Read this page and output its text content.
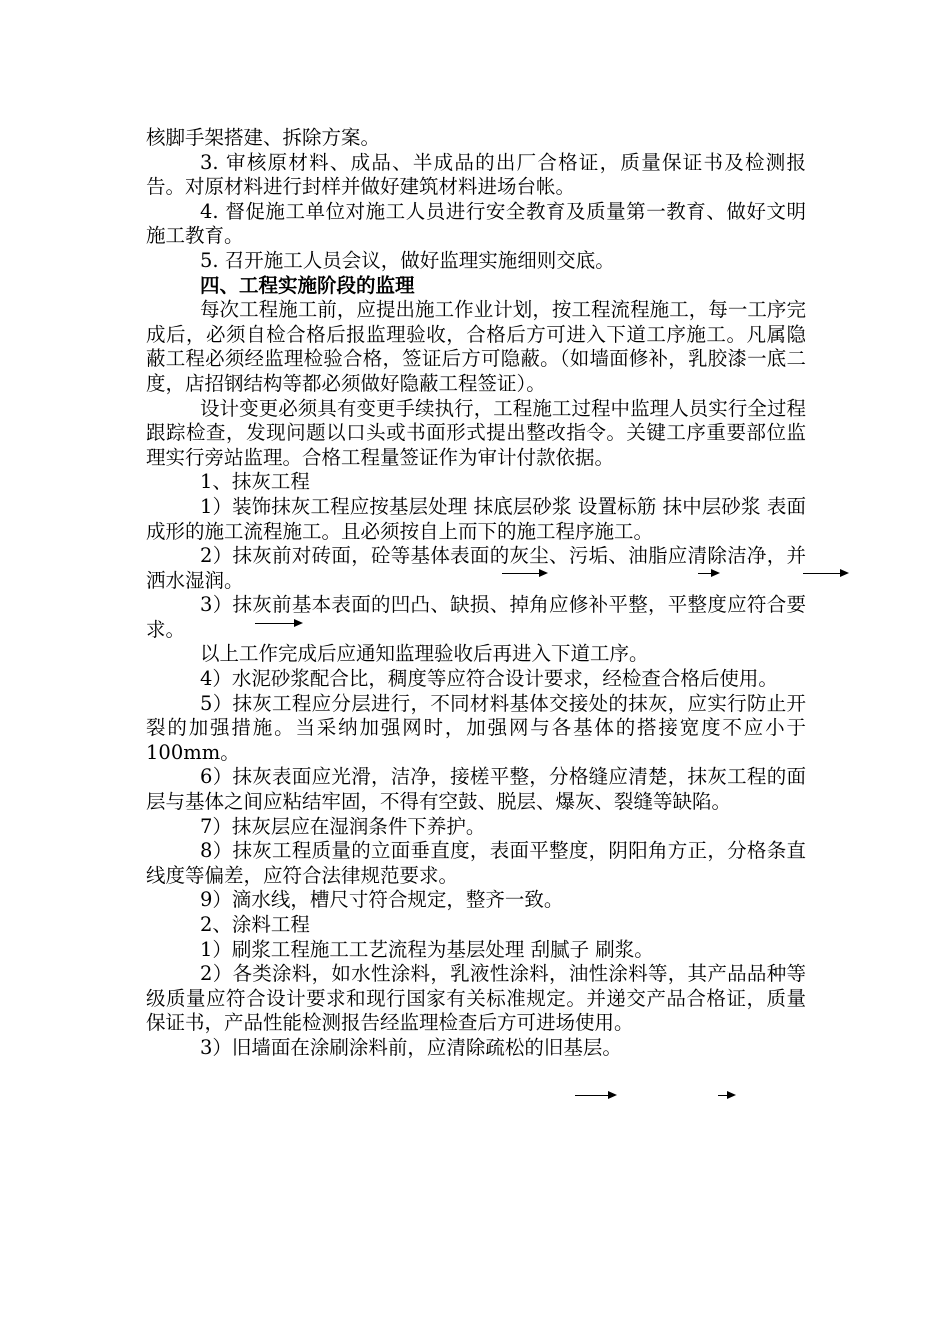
核脚手架搭建、拆除方案。

3. 审核原材料、成品、半成品的出厂合格证，质量保证书及检测报告。对原材料进行封样并做好建筑材料进场台帐。

4. 督促施工单位对施工人员进行安全教育及质量第一教育、做好文明施工教育。

5. 召开施工人员会议，做好监理实施细则交底。

四、工程实施阶段的监理

每次工程施工前，应提出施工作业计划，按工程流程施工，每一工序完成后，必须自检合格后报监理验收，合格后方可进入下道工序施工。凡属隐蔽工程必须经监理检验合格，签证后方可隐蔽。（如墙面修补，乳胶漆一底二度，店招钢结构等都必须做好隐蔽工程签证）。

设计变更必须具有变更手续执行，工程施工过程中监理人员实行全过程跟踪检查，发现问题以口头或书面形式提出整改指令。关键工序重要部位监理实行旁站监理。合格工程量签证作为审计付款依据。

1、抹灰工程

1）装饰抹灰工程应按基层处理 抹底层砂浆 设置标筋 抹中层砂浆 表面成形的施工流程施工。且必须按自上而下的施工程序施工。

2）抹灰前对砖面，砼等基体表面的灰尘、污垢、油脂应清除洁净，并洒水湿润。

3）抹灰前基本表面的凹凸、缺损、掉角应修补平整，平整度应符合要求。

以上工作完成后应通知监理验收后再进入下道工序。

4）水泥砂浆配合比，稠度等应符合设计要求，经检查合格后使用。

5）抹灰工程应分层进行，不同材料基体交接处的抹灰，应实行防止开裂的加强措施。当采纳加强网时，加强网与各基体的搭接宽度不应小于 100mm。

6）抹灰表面应光滑，洁净，接槎平整，分格缝应清楚，抹灰工程的面层与基体之间应粘结牢固，不得有空鼓、脱层、爆灰、裂缝等缺陷。

7）抹灰层应在湿润条件下养护。

8）抹灰工程质量的立面垂直度，表面平整度，阴阳角方正，分格条直线度等偏差，应符合法律规范要求。

9）滴水线，槽尺寸符合规定，整齐一致。

2、涂料工程

1）刷浆工程施工工艺流程为基层处理 刮腻子 刷浆。

2）各类涂料，如水性涂料，乳液性涂料，油性涂料等，其产品品种等级质量应符合设计要求和现行国家有关标准规定。并递交产品合格证，质量保证书，产品性能检测报告经监理检查后方可进场使用。

3）旧墙面在涂刷涂料前，应清除疏松的旧基层。
